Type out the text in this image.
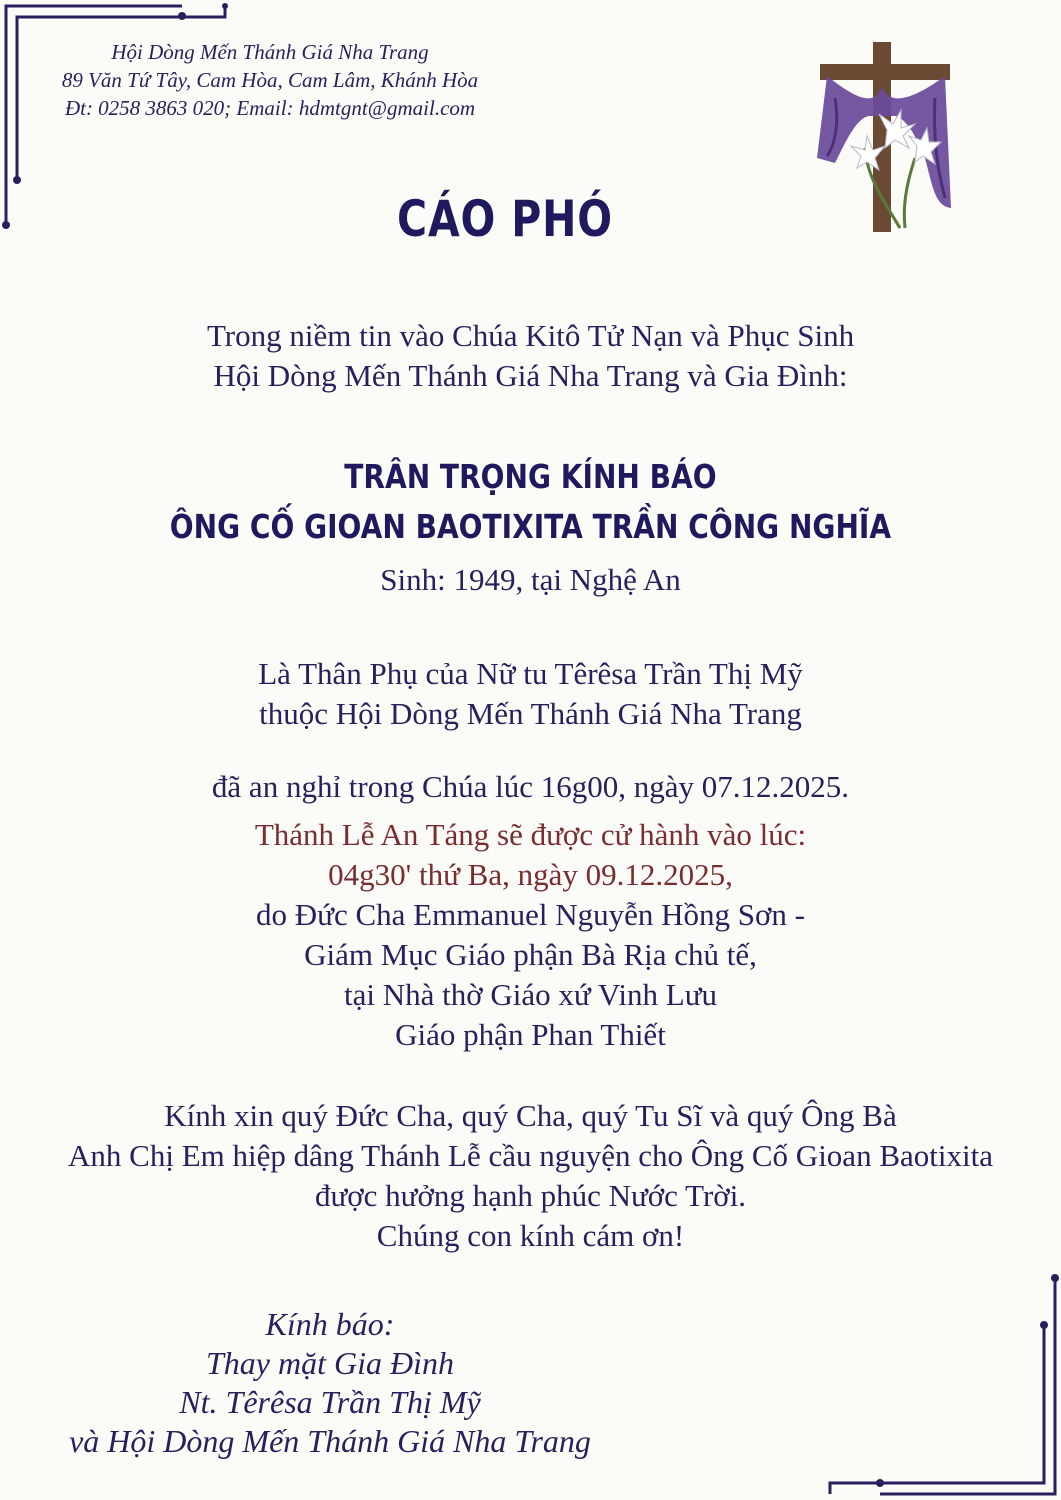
Hội Dòng Mến Thánh Giá Nha Trang
89 Văn Tứ Tây, Cam Hòa, Cam Lâm, Khánh Hòa
Đt: 0258 3863 020; Email: hdmtgnt@gmail.com
CÁO PHÓ
Trong niềm tin vào Chúa Kitô Tử Nạn và Phục Sinh
Hội Dòng Mến Thánh Giá Nha Trang và Gia Đình:
TRÂN TRỌNG KÍNH BÁO
ÔNG CỐ GIOAN BAOTIXITA TRẦN CÔNG NGHĨA
Sinh: 1949, tại Nghệ An
Là Thân Phụ của Nữ tu Têrêsa Trần Thị Mỹ
thuộc Hội Dòng Mến Thánh Giá Nha Trang
đã an nghỉ trong Chúa lúc 16g00, ngày 07.12.2025.
Thánh Lễ An Táng sẽ được cử hành vào lúc:
04g30' thứ Ba, ngày 09.12.2025,
do Đức Cha Emmanuel Nguyễn Hồng Sơn -
Giám Mục Giáo phận Bà Rịa chủ tế,
tại Nhà thờ Giáo xứ Vinh Lưu
Giáo phận Phan Thiết
Kính xin quý Đức Cha, quý Cha, quý Tu Sĩ và quý Ông Bà
Anh Chị Em hiệp dâng Thánh Lễ cầu nguyện cho Ông Cố Gioan Baotixita
được hưởng hạnh phúc Nước Trời.
Chúng con kính cám ơn!
Kính báo:
Thay mặt Gia Đình
Nt. Têrêsa Trần Thị Mỹ
và Hội Dòng Mến Thánh Giá Nha Trang
